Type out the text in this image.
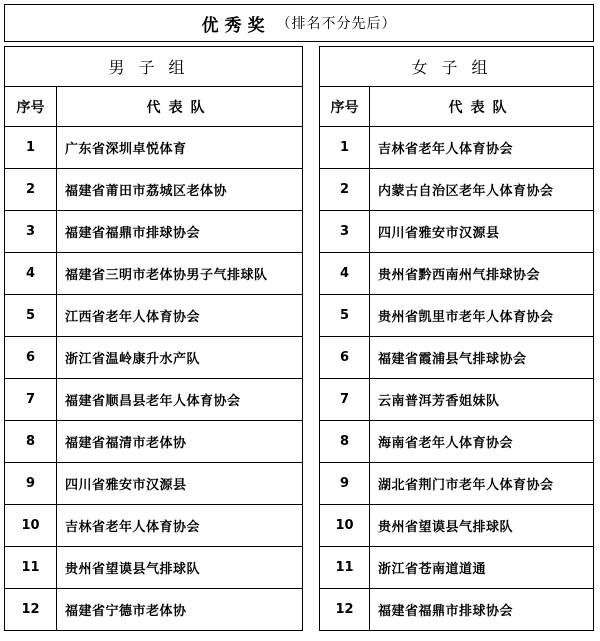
优秀奖 （排名不分先后）
男子组	
序号	代表队
1	广东省深圳卓悦体育
2	福建省莆田市荔城区老体协
3	福建省福鼎市排球协会
4	福建省三明市老体协男子气排球队
5	江西省老年人体育协会
6	浙江省温岭康升水产队
7	福建省顺昌县老年人体育协会
8	福建省福清市老体协
9	四川省雅安市汉源县
10	吉林省老年人体育协会
11	贵州省望谟县气排球队
12	福建省宁德市老体协
女子组	
序号	代表队
1	吉林省老年人体育协会
2	内蒙古自治区老年人体育协会
3	四川省雅安市汉源县
4	贵州省黔西南州气排球协会
5	贵州省凯里市老年人体育协会
6	福建省霞浦县气排球协会
7	云南普洱芳香姐妹队
8	海南省老年人体育协会
9	湖北省荆门市老年人体育协会
10	贵州省望谟县气排球队
11	浙江省苍南道道通
12	福建省福鼎市排球协会
